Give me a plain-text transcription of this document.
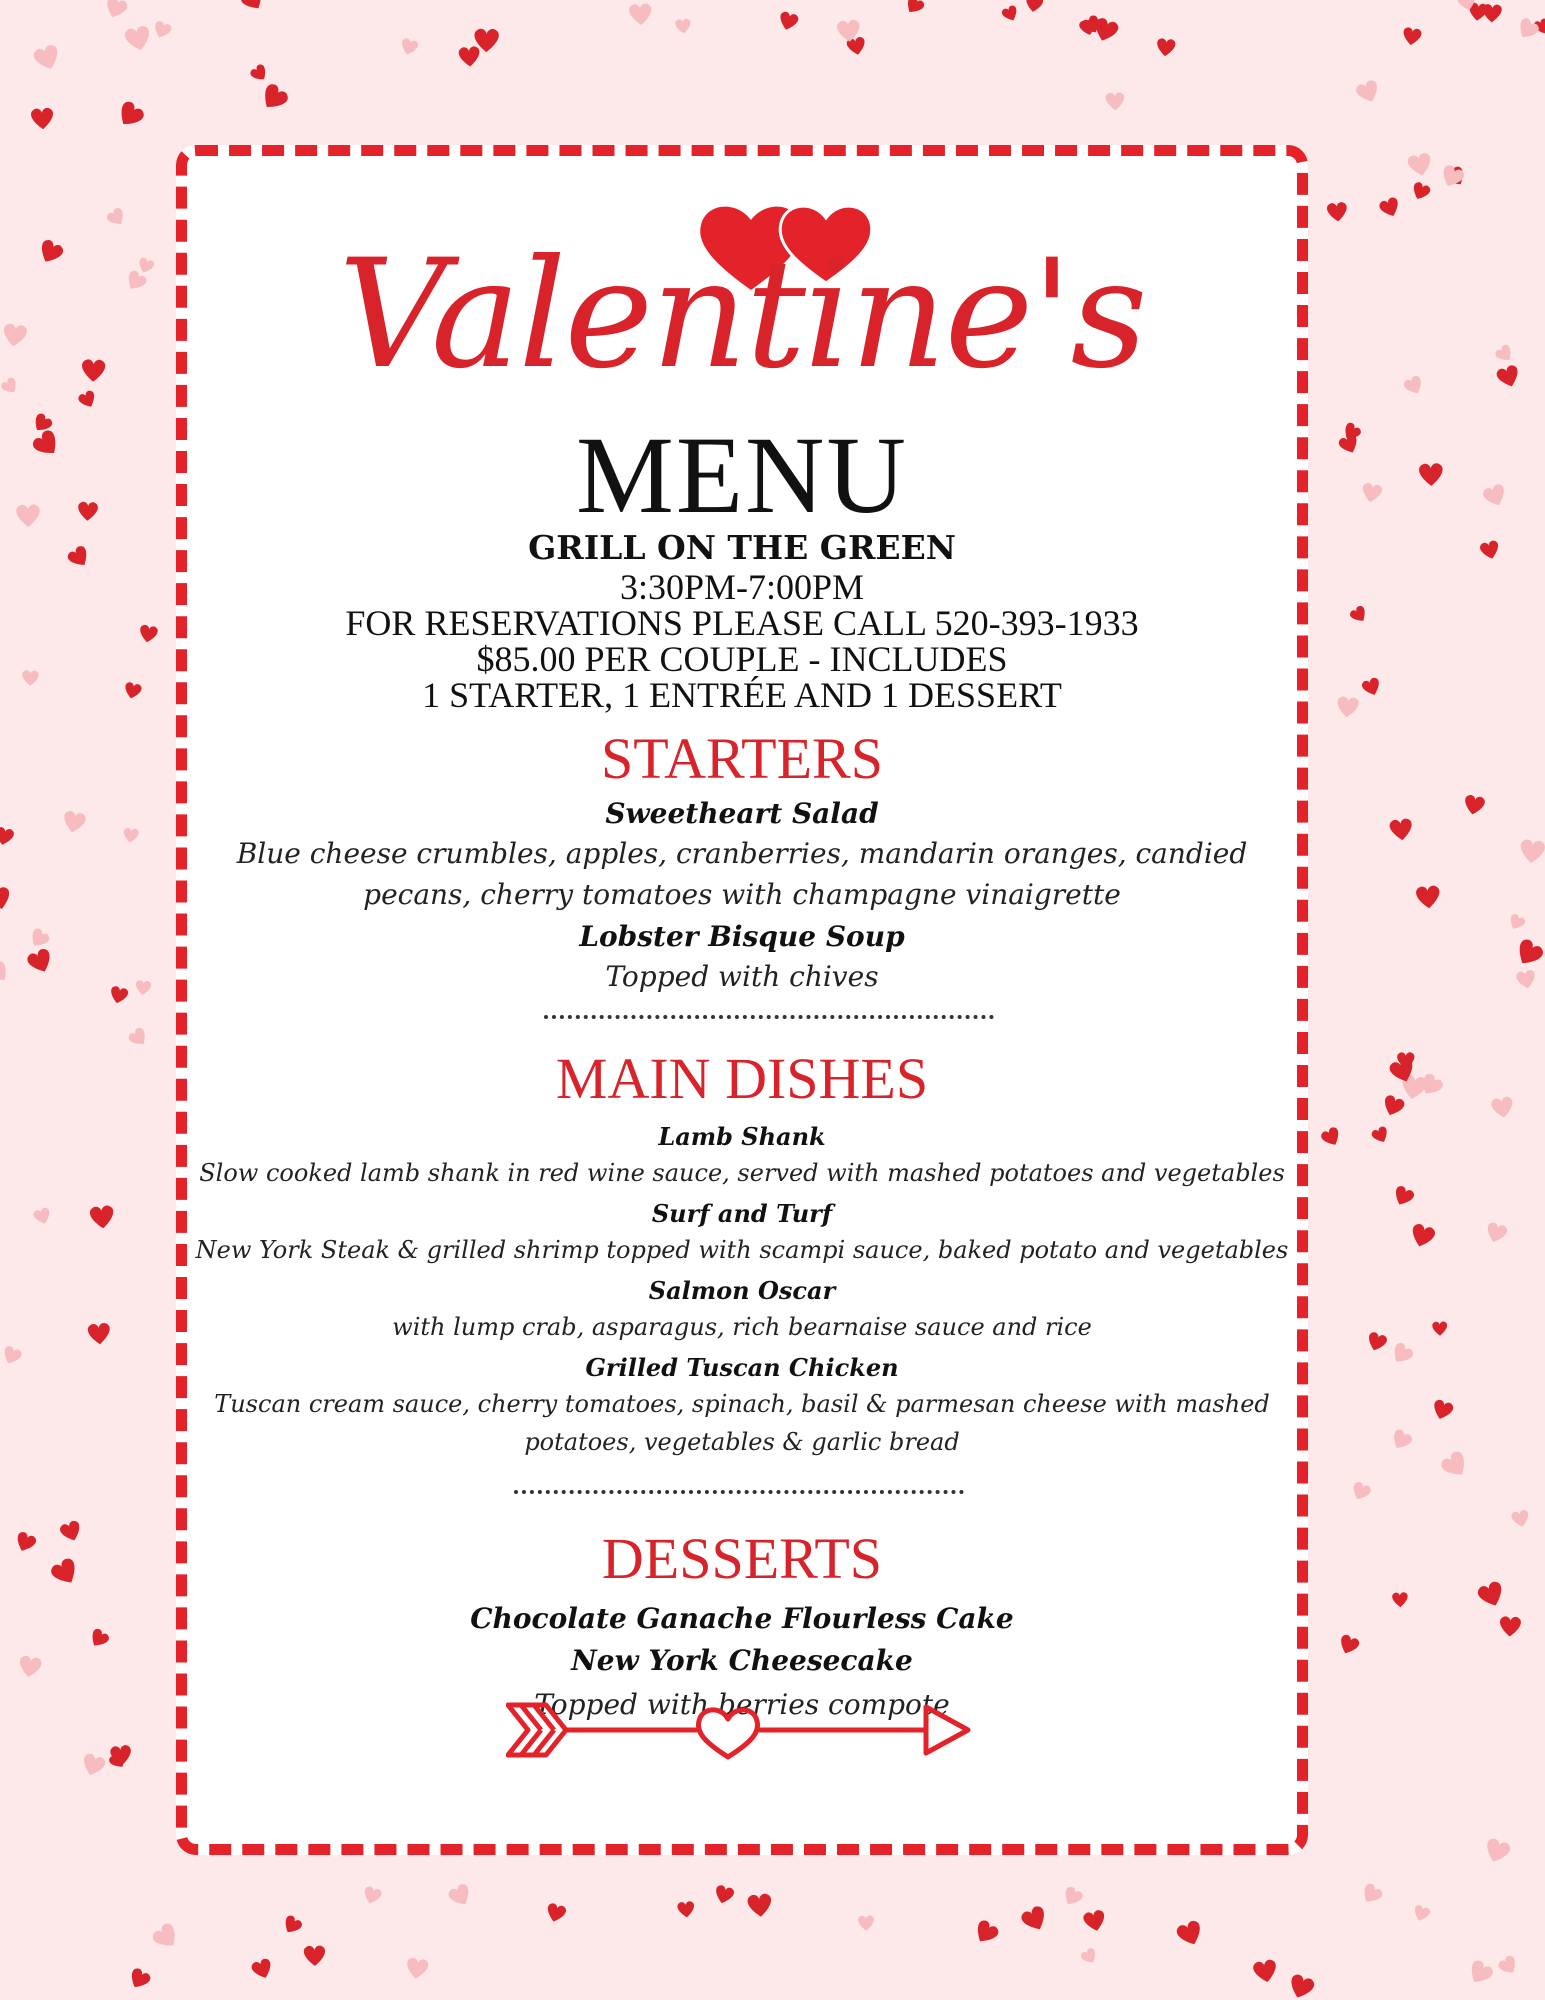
Valentine's
MENU
GRILL ON THE GREEN
3:30PM-7:00PM
FOR RESERVATIONS PLEASE CALL 520-393-1933
$85.00 PER COUPLE - INCLUDES
1 STARTER, 1 ENTRÉE AND 1 DESSERT
STARTERS
Sweetheart Salad
Blue cheese crumbles, apples, cranberries, mandarin oranges, candied
pecans, cherry tomatoes with champagne vinaigrette
Lobster Bisque Soup
Topped with chives
MAIN DISHES
Lamb Shank
Slow cooked lamb shank in red wine sauce, served with mashed potatoes and vegetables
Surf and Turf
New York Steak & grilled shrimp topped with scampi sauce, baked potato and vegetables
Salmon Oscar
with lump crab, asparagus, rich bearnaise sauce and rice
Grilled Tuscan Chicken
Tuscan cream sauce, cherry tomatoes, spinach, basil & parmesan cheese with mashed
potatoes, vegetables & garlic bread
DESSERTS
Chocolate Ganache Flourless Cake
New York Cheesecake
Topped with berries compote
